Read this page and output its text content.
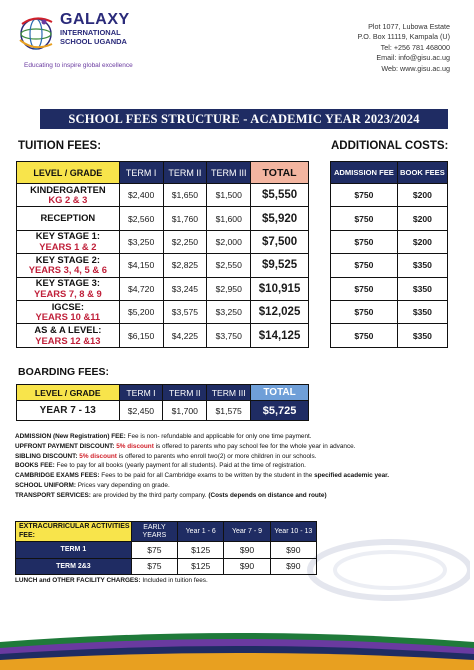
GALAXY
INTERNATIONAL
SCHOOL UGANDA
Educating to inspire global excellence
Plot 1077, Lubowa Estate
P.O. Box 11119, Kampala (U)
Tel: +256 781 468000
Email: info@gisu.ac.ug
Web: www.gisu.ac.ug
SCHOOL FEES STRUCTURE - ACADEMIC YEAR 2023/2024
TUITION FEES:
LEVEL / GRADE	TERM I	TERM II	TERM III	TOTAL

KINDERGARTEN
KG 2 & 3	$2,400	$1,650	$1,500	$5,550

RECEPTION	$2,560	$1,760	$1,600	$5,920

KEY STAGE 1:
YEARS 1 & 2	$3,250	$2,250	$2,000	$7,500

KEY STAGE 2:
YEARS 3, 4, 5 & 6	$4,150	$2,825	$2,550	$9,525

KEY STAGE 3:
YEARS 7, 8 & 9	$4,720	$3,245	$2,950	$10,915

IGCSE:
YEARS 10 &11	$5,200	$3,575	$3,250	$12,025

AS & A LEVEL:
YEARS 12 &13	$6,150	$4,225	$3,750	$14,125
ADDITIONAL COSTS:
ADMISSION FEE	BOOK FEES
$750	$200
$750	$200
$750	$200
$750	$350
$750	$350
$750	$350
$750	$350
BOARDING FEES:
LEVEL / GRADE	TERM I	TERM II	TERM III	TOTAL
YEAR 7 - 13	$2,450	$1,700	$1,575	$5,725

ADMISSION (New Registration) FEE: Fee is non- refundable and applicable for only one time payment.

UPFRONT PAYMENT DISCOUNT: 5% discount is offered to parents who pay school fee for the whole year in advance.

SIBLING DISCOUNT: 5% discount is offered to parents who enroll two(2) or more children in our schools.

BOOKS FEE: Fee to pay for all books (yearly payment for all students). Paid at the time of registration.

CAMBRIDGE EXAMS FEES: Fees to be paid for all Cambridge exams to be written by the student in the specified academic year.

SCHOOL UNIFORM: Prices vary depending on grade.

TRANSPORT SERVICES: are provided by the third party company. (Costs depends on distance and route)

EXTRACURRICULAR ACTIVITIES FEE:	EARLY YEARS	Year 1 - 6	Year 7 - 9	Year 10 - 13
TERM 1	$75	$125	$90	$90
TERM 2&3	$75	$125	$90	$90
LUNCH and OTHER FACILITY CHARGES: Included in tuition fees.
